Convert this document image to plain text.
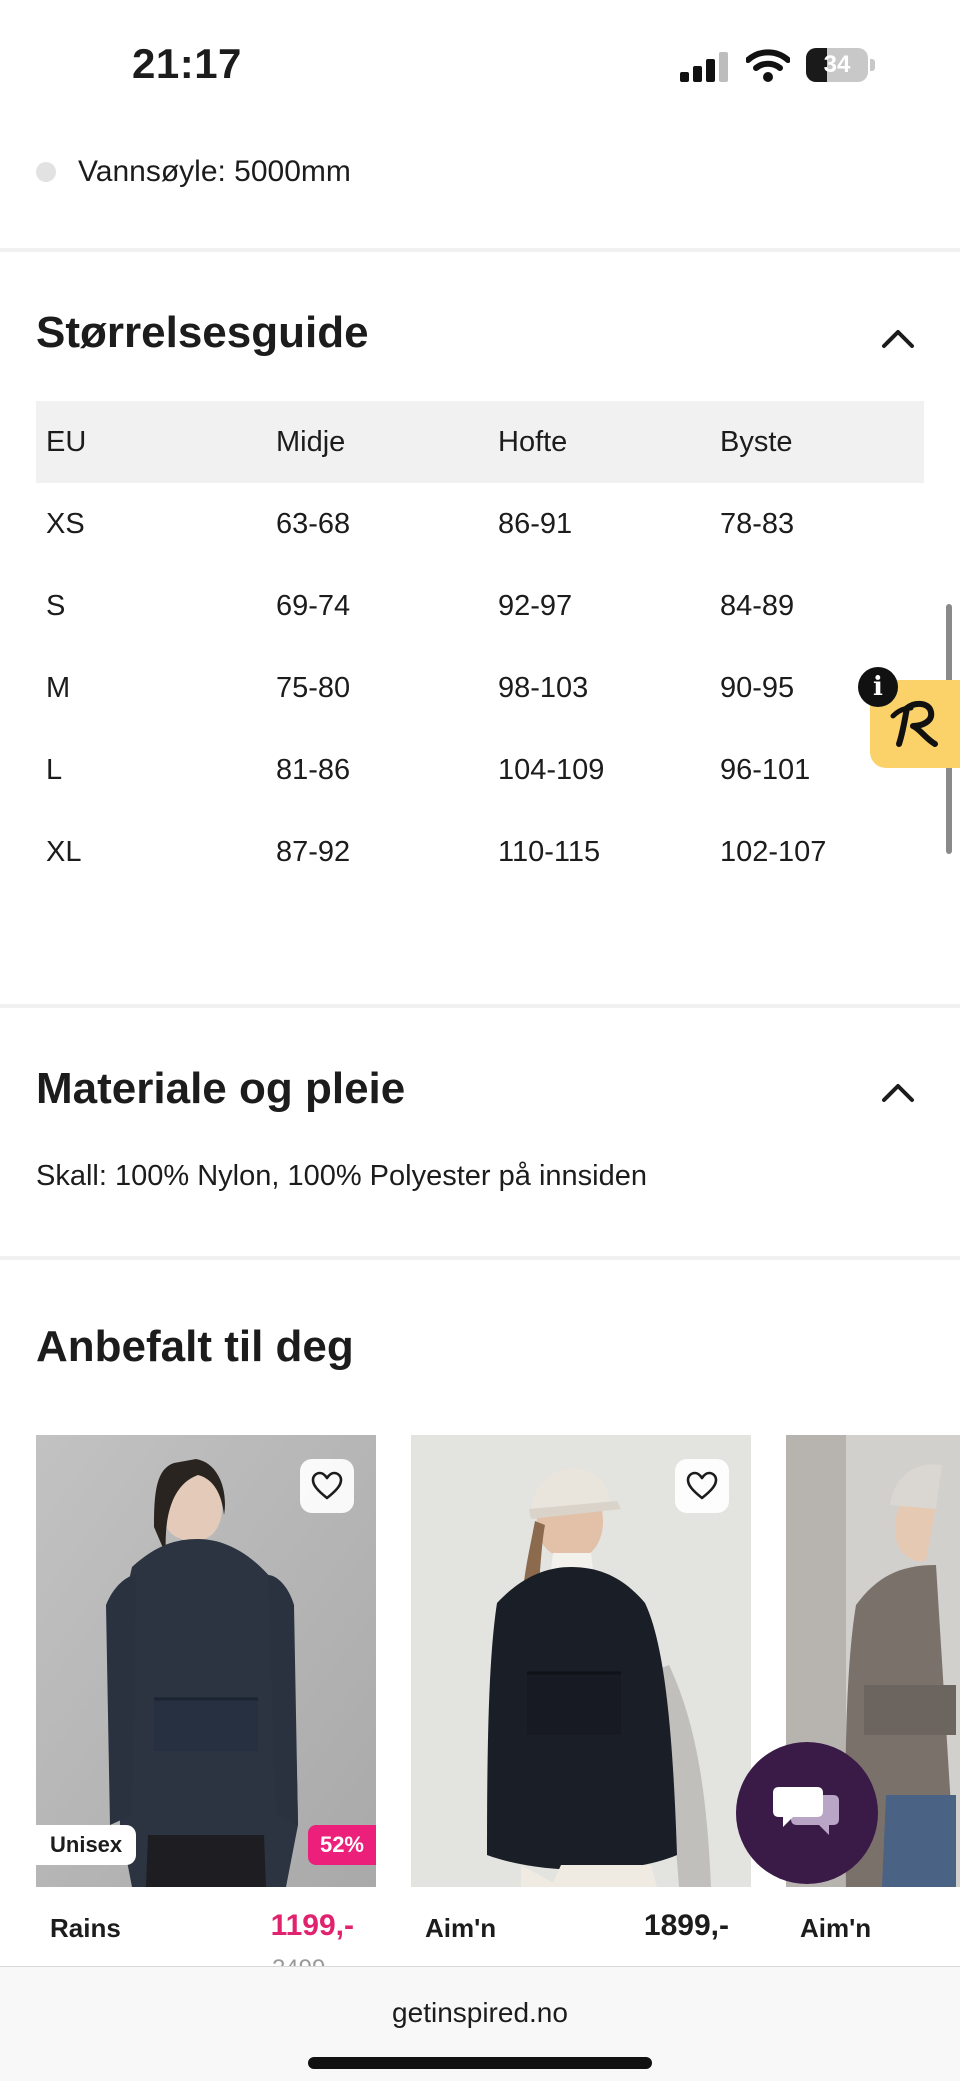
21:17	34
Vannsøyle: 5000mm
Størrelsesguide
EU	Midje	Hofte	Byste
XS	63-68	86-91	78-83
S	69-74	92-97	84-89
M	75-80	98-103	90-95
L	81-86	104-109	96-101
XL	87-92	110-115	102-107
Materiale og pleie
Skall: 100% Nylon, 100% Polyester på innsiden
Anbefalt til deg
Unisex	52%
Rains	1199,-	Aim'n	1899,-	Aim'n
i
getinspired.no
